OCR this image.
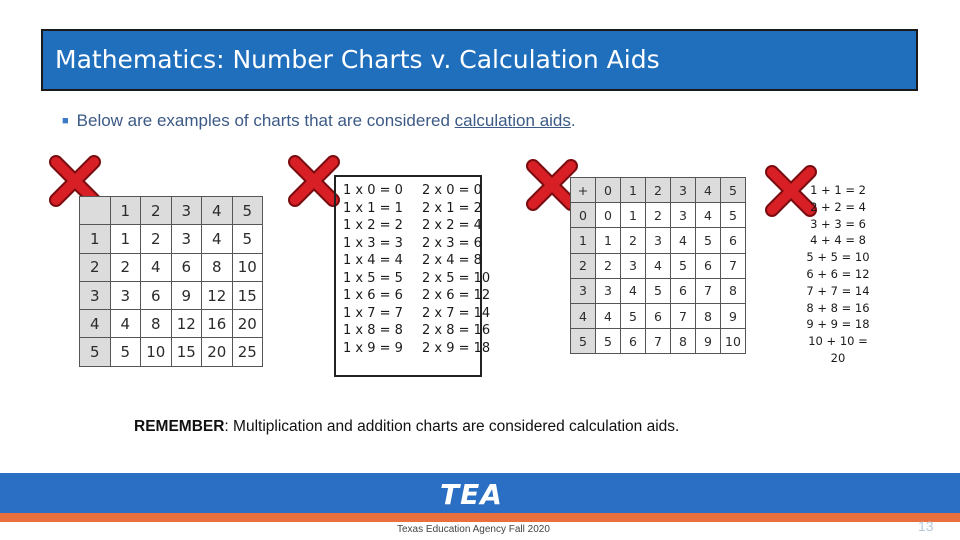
Mathematics: Number Charts v. Calculation Aids
■ Below are examples of charts that are considered calculation aids.
	1	2	3	4	5
1	1	2	3	4	5
2	2	4	6	8	10
3	3	6	9	12	15
4	4	8	12	16	20
5	5	10	15	20	25
1 x 0 = 0
1 x 1 = 1
1 x 2 = 2
1 x 3 = 3
1 x 4 = 4
1 x 5 = 5
1 x 6 = 6
1 x 7 = 7
1 x 8 = 8
1 x 9 = 9
2 x 0 = 0
2 x 1 = 2
2 x 2 = 4
2 x 3 = 6
2 x 4 = 8
2 x 5 = 10
2 x 6 = 12
2 x 7 = 14
2 x 8 = 16
2 x 9 = 18
+	0	1	2	3	4	5
0	0	1	2	3	4	5
1	1	2	3	4	5	6
2	2	3	4	5	6	7
3	3	4	5	6	7	8
4	4	5	6	7	8	9
5	5	6	7	8	9	10
1 + 1 = 2
2 + 2 = 4
3 + 3 = 6
4 + 4 = 8
5 + 5 = 10
6 + 6 = 12
7 + 7 = 14
8 + 8 = 16
9 + 9 = 18
10 + 10 =
20
REMEMBER: Multiplication and addition charts are considered calculation aids.
TEA
Texas Education Agency Fall 2020	13
